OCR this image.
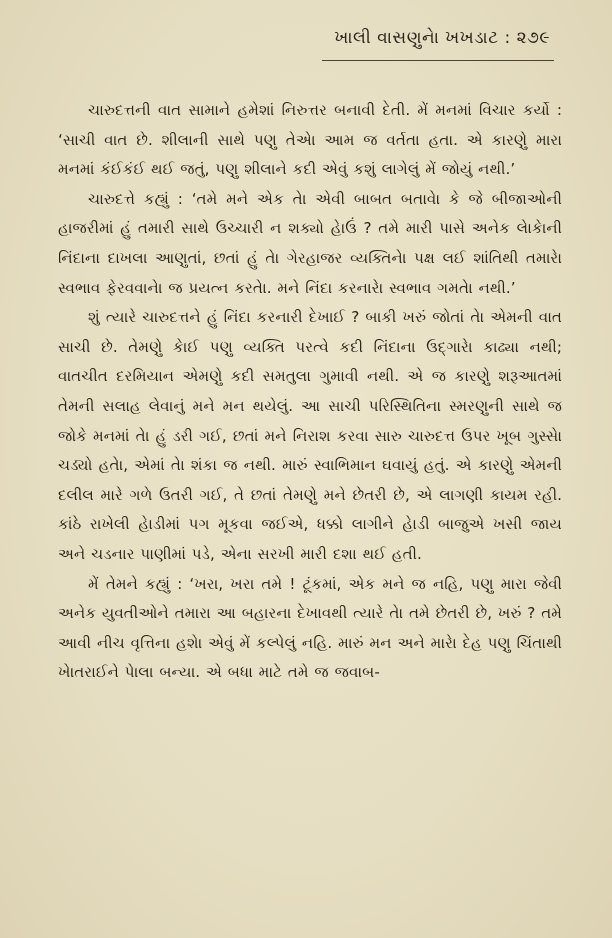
ખાલી વાસણુનેા ખખડાટ : ૨૭૯

ચારુદત્તની વાત સામાને હમેશાં નિરુત્તર બનાવી દેતી. મેં મનમાં વિચાર કર્યો : ‘સાચી વાત છે. શીલાની સાથે પણુ તેએા આમ જ વર્તતા હતા. એ કારણુે મારા મનમાં કંઈકંઈ થઈ જતું, પણુ શીલાને કદી એવું કશું લાગેલું મેં જોયું નથી.’

ચારુદત્તે કહ્યું : ‘તમે મને એક તેા એવી બાબત બતાવેા કે જે બીજાઓની હાજરીમાં હું તમારી સાથે ઉચ્ચારી ન શક્યો હેાઉં ? તમે મારી પાસે અનેક લેાકેાની નિંદાના દાખલા આણુતાં, છતાં હું તેા ગેરહાજર વ્યક્તિનેા પક્ષ લઈ શાંતિથી તમારેા સ્વભાવ ફેરવવાનેા જ પ્રયત્ન કરતેા. મને નિંદા કરનારેા સ્વભાવ ગમતેા નથી.’

શું ત્યારે ચારુદત્તને હું નિંદા કરનારી દેખાઈ ? બાકી ખરું જોતાં તેા એમની વાત સાચી છે. તેમણુે કેાઈ પણુ વ્યક્તિ પરત્વે કદી નિંદાના ઉદ્‌ગારેા કાઢ્યા નથી; વાતચીત દરમિયાન એમણુે કદી સમતુલા ગુમાવી નથી. એ જ કારણુે શરૂઆતમાં તેમની સલાહ લેવાનું મને મન થયેલું. આ સાચી પરિસ્થિતિના સ્મરણુની સાથે જ જોકે મનમાં તેા હું ડરી ગઈ, છતાં મને નિરાશ કરવા સારુ ચારુદત્ત ઉપર ખૂબ ગુસ્સેા ચડ્યો હતેા, એમાં તેા શંકા જ નથી. મારું સ્વાભિમાન ઘવાયું હતું. એ કારણુે એમની દલીલ મારે ગળે ઉતરી ગઈ, તે છતાં તેમણુે મને છેતરી છે, એ લાગણી કાયમ રહી. કાંઠે રાખેલી હેાડીમાં પગ મૂકવા જઈએ, ધક્કો લાગીને હેાડી બાજુએ ખસી જાય અને ચડનાર પાણીમાં પડે, એના સરખી મારી દશા થઈ હતી.

મેં તેમને કહ્યું : ‘ખરા, ખરા તમે ! ટૂંકમાં, એક મને જ નહિ, પણુ મારા જેવી અનેક યુવતીઓને તમારા આ બહારના દેખાવથી ત્યારે તેા તમે છેતરી છે, ખરું ? તમે આવી નીચ વૃત્તિના હશેા એવું મેં કલ્પેલું નહિ. મારું મન અને મારેા દેહ પણુ ચિંતાથી ખેાતરાઈને પેાલા બન્યા. એ બધા માટે તમે જ જવાબ-
